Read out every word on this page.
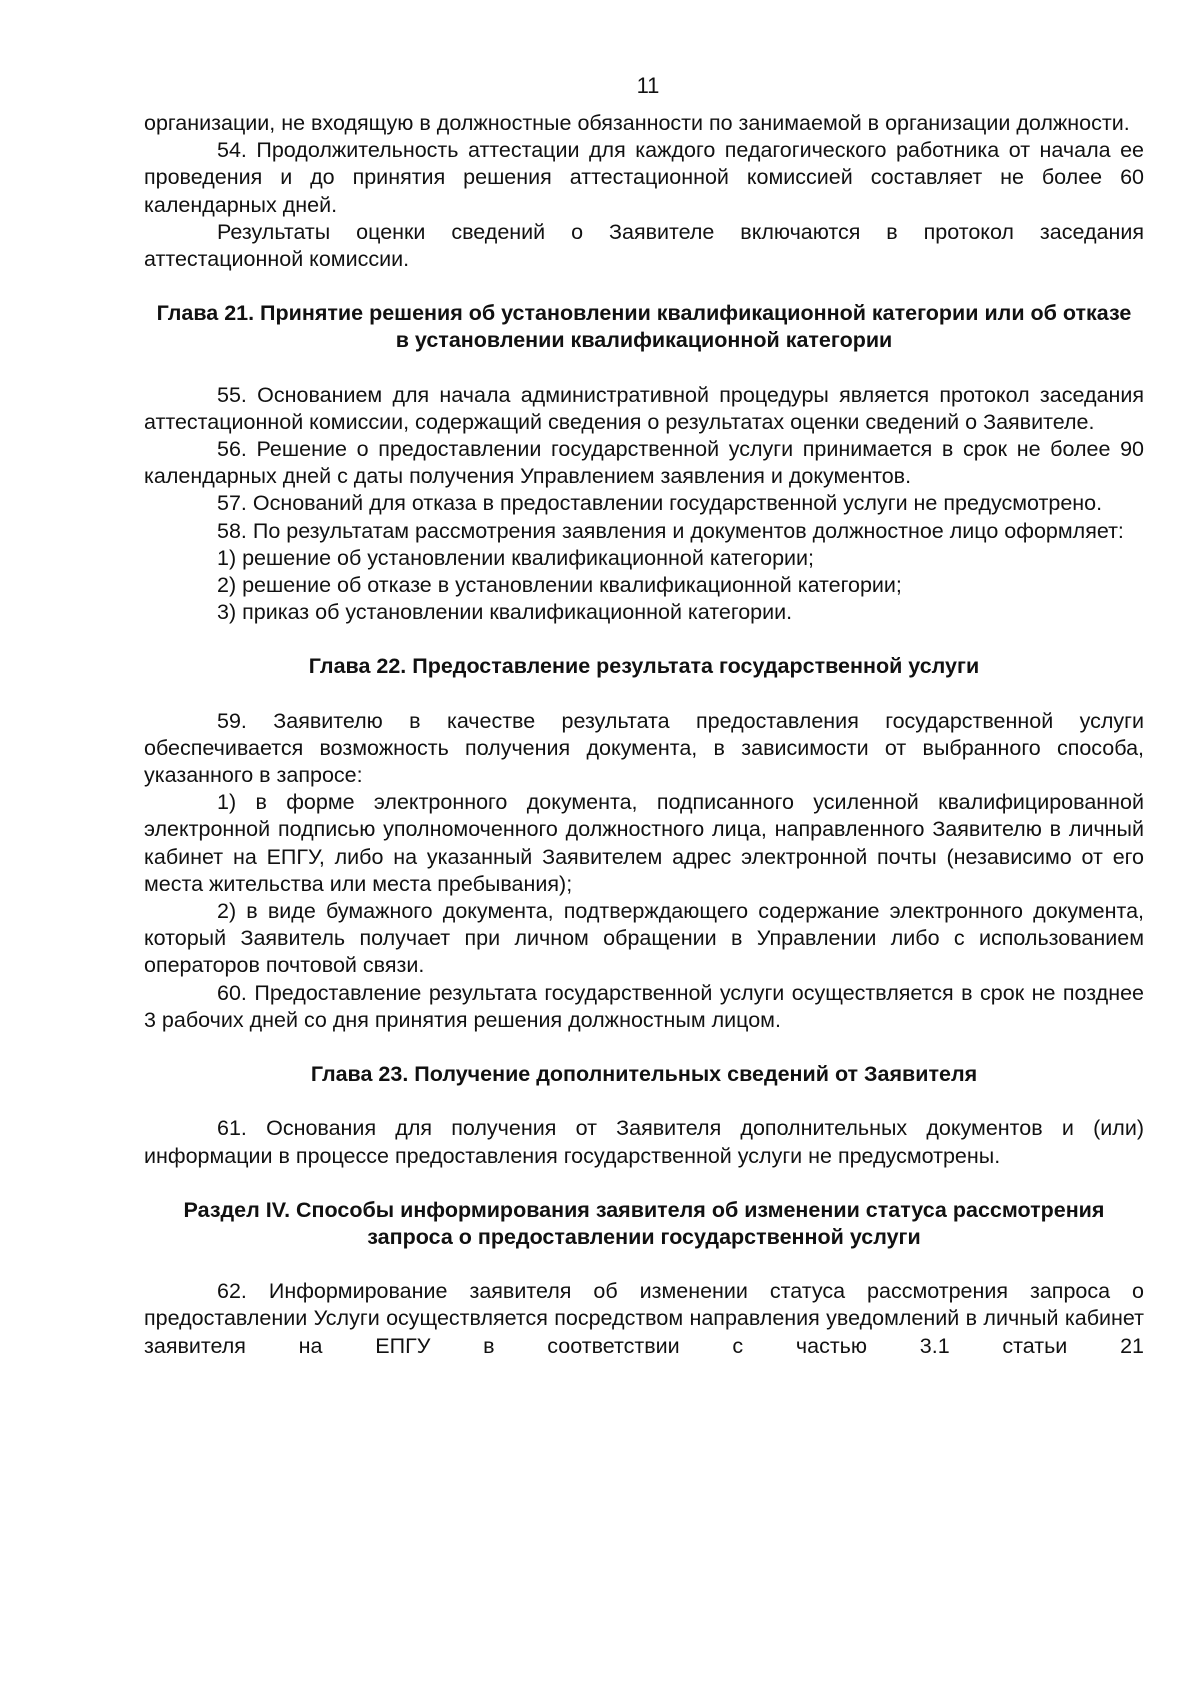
11

организации, не входящую в должностные обязанности по занимаемой в организации должности.

54. Продолжительность аттестации для каждого педагогического работника от начала ее проведения и до принятия решения аттестационной комиссией составляет не более 60 календарных дней.

Результаты оценки сведений о Заявителе включаются в протокол заседания аттестационной комиссии.

Глава 21. Принятие решения об установлении квалификационной категории или об отказе в установлении квалификационной категории

55. Основанием для начала административной процедуры является протокол заседания аттестационной комиссии, содержащий сведения о результатах оценки сведений о Заявителе.

56. Решение о предоставлении государственной услуги принимается в срок не более 90 календарных дней с даты получения Управлением заявления и документов.

57. Оснований для отказа в предоставлении государственной услуги не предусмотрено.

58. По результатам рассмотрения заявления и документов должностное лицо оформляет:

1) решение об установлении квалификационной категории;

2) решение об отказе в установлении квалификационной категории;

3) приказ об установлении квалификационной категории.

Глава 22. Предоставление результата государственной услуги

59. Заявителю в качестве результата предоставления государственной услуги обеспечивается возможность получения документа, в зависимости от выбранного способа, указанного в запросе:

1) в форме электронного документа, подписанного усиленной квалифицированной электронной подписью уполномоченного должностного лица, направленного Заявителю в личный кабинет на ЕПГУ, либо на указанный Заявителем адрес электронной почты (независимо от его места жительства или места пребывания);

2) в виде бумажного документа, подтверждающего содержание электронного документа, который Заявитель получает при личном обращении в Управлении либо с использованием операторов почтовой связи.

60. Предоставление результата государственной услуги осуществляется в срок не позднее 3 рабочих дней со дня принятия решения должностным лицом.

Глава 23. Получение дополнительных сведений от Заявителя

61. Основания для получения от Заявителя дополнительных документов и (или) информации в процессе предоставления государственной услуги не предусмотрены.

Раздел IV. Способы информирования заявителя об изменении статуса рассмотрения запроса о предоставлении государственной услуги

62. Информирование заявителя об изменении статуса рассмотрения запроса о предоставлении Услуги осуществляется посредством направления уведомлений в личный кабинет заявителя на ЕПГУ в соответствии с частью 3.1 статьи 21
